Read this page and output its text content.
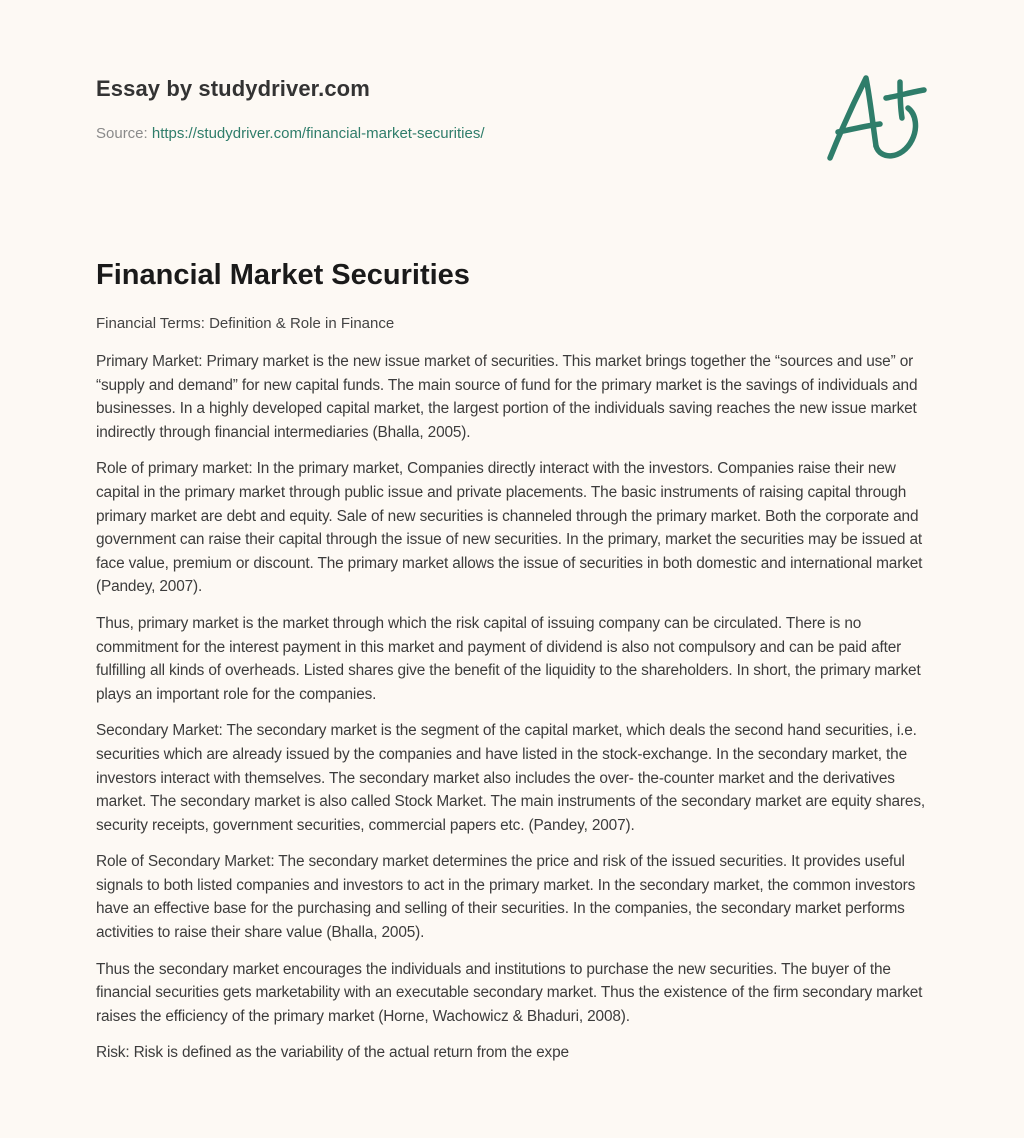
Essay by studydriver.com
Source: https://studydriver.com/financial-market-securities/
Financial Market Securities

Financial Terms: Definition & Role in Finance

Primary Market: Primary market is the new issue market of securities. This market brings together the “sources and use” or “supply and demand” for new capital funds. The main source of fund for the primary market is the savings of individuals and businesses. In a highly developed capital market, the largest portion of the individuals saving reaches the new issue market indirectly through financial intermediaries (Bhalla, 2005).

Role of primary market: In the primary market, Companies directly interact with the investors. Companies raise their new capital in the primary market through public issue and private placements. The basic instruments of raising capital through primary market are debt and equity. Sale of new securities is channeled through the primary market. Both the corporate and government can raise their capital through the issue of new securities. In the primary, market the securities may be issued at face value, premium or discount. The primary market allows the issue of securities in both domestic and international market (Pandey, 2007).

Thus, primary market is the market through which the risk capital of issuing company can be circulated. There is no commitment for the interest payment in this market and payment of dividend is also not compulsory and can be paid after fulfilling all kinds of overheads. Listed shares give the benefit of the liquidity to the shareholders. In short, the primary market plays an important role for the companies.

Secondary Market: The secondary market is the segment of the capital market, which deals the second hand securities, i.e. securities which are already issued by the companies and have listed in the stock-exchange. In the secondary market, the investors interact with themselves. The secondary market also includes the over- the-counter market and the derivatives market. The secondary market is also called Stock Market. The main instruments of the secondary market are equity shares, security receipts, government securities, commercial papers etc. (Pandey, 2007).

Role of Secondary Market: The secondary market determines the price and risk of the issued securities. It provides useful signals to both listed companies and investors to act in the primary market. In the secondary market, the common investors have an effective base for the purchasing and selling of their securities. In the companies, the secondary market performs activities to raise their share value (Bhalla, 2005).

Thus the secondary market encourages the individuals and institutions to purchase the new securities. The buyer of the financial securities gets marketability with an executable secondary market. Thus the existence of the firm secondary market raises the efficiency of the primary market (Horne, Wachowicz & Bhaduri, 2008).

Risk: Risk is defined as the variability of the actual return from the expe
